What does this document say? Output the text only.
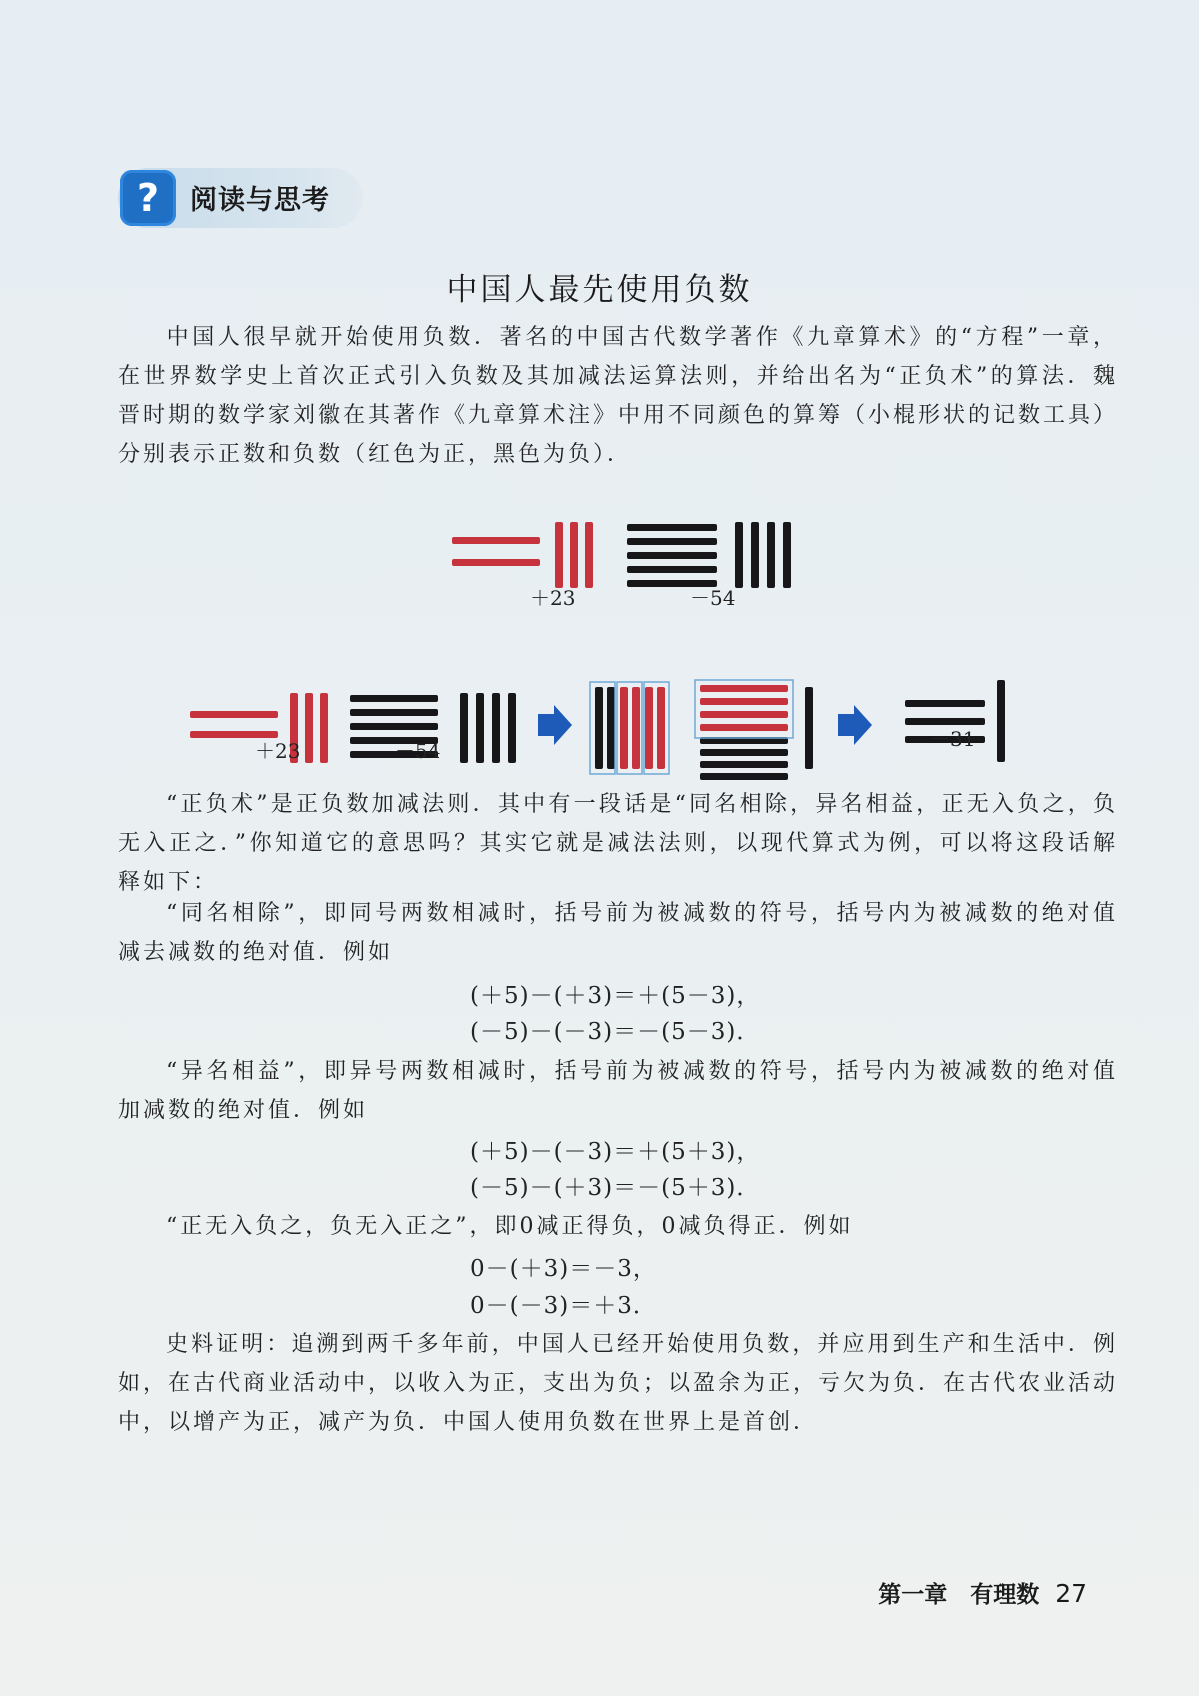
?	阅读与思考
中国人最先使用负数

中国人很早就开始使用负数．著名的中国古代数学著作《九章算术》的“方程”一章，在世界数学史上首次正式引入负数及其加减法运算法则，并给出名为“正负术”的算法．魏晋时期的数学家刘徽在其著作《九章算术注》中用不同颜色的算筹（小棍形状的记数工具）分别表示正数和负数（红色为正，黑色为负）．

＋23	－54
＋23	－54	－31

“正负术”是正负数加减法则．其中有一段话是“同名相除，异名相益，正无入负之，负无入正之．”你知道它的意思吗？其实它就是减法法则，以现代算式为例，可以将这段话解释如下：

“同名相除”，即同号两数相减时，括号前为被减数的符号，括号内为被减数的绝对值减去减数的绝对值．例如

(＋5)－(＋3)＝＋(5－3)，
(－5)－(－3)＝－(5－3)．

“异名相益”，即异号两数相减时，括号前为被减数的符号，括号内为被减数的绝对值加减数的绝对值．例如

(＋5)－(－3)＝＋(5＋3)，
(－5)－(＋3)＝－(5＋3)．

“正无入负之，负无入正之”，即0减正得负，0减负得正．例如

0－(＋3)＝－3，
0－(－3)＝＋3．

史料证明：追溯到两千多年前，中国人已经开始使用负数，并应用到生产和生活中．例如，在古代商业活动中，以收入为正，支出为负；以盈余为正，亏欠为负．在古代农业活动中，以增产为正，减产为负．中国人使用负数在世界上是首创．

第一章　有理数 27
